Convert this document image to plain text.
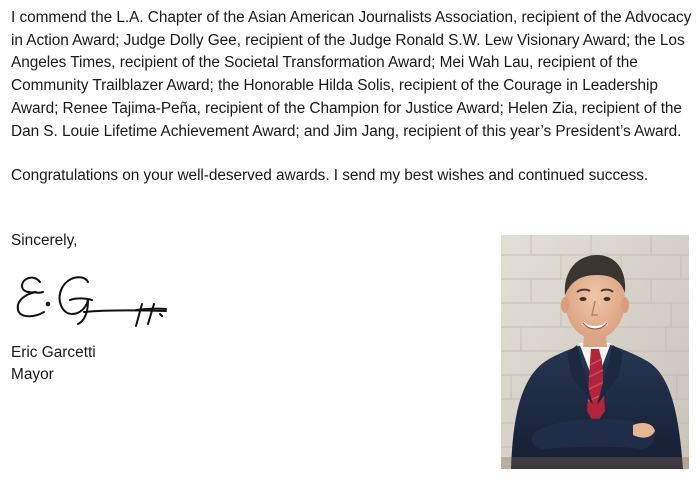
I commend the L.A. Chapter of the Asian American Journalists Association, recipient of the Advocacy in Action Award; Judge Dolly Gee, recipient of the Judge Ronald S.W. Lew Visionary Award; the Los Angeles Times, recipient of the Societal Transformation Award; Mei Wah Lau, recipient of the Community Trailblazer Award; the Honorable Hilda Solis, recipient of the Courage in Leadership Award; Renee Tajima-Peña, recipient of the Champion for Justice Award; Helen Zia, recipient of the Dan S. Louie Lifetime Achievement Award; and Jim Jang, recipient of this year’s President’s Award.

Congratulations on your well-deserved awards. I send my best wishes and continued success.

Sincerely,
Eric Garcetti
Mayor
